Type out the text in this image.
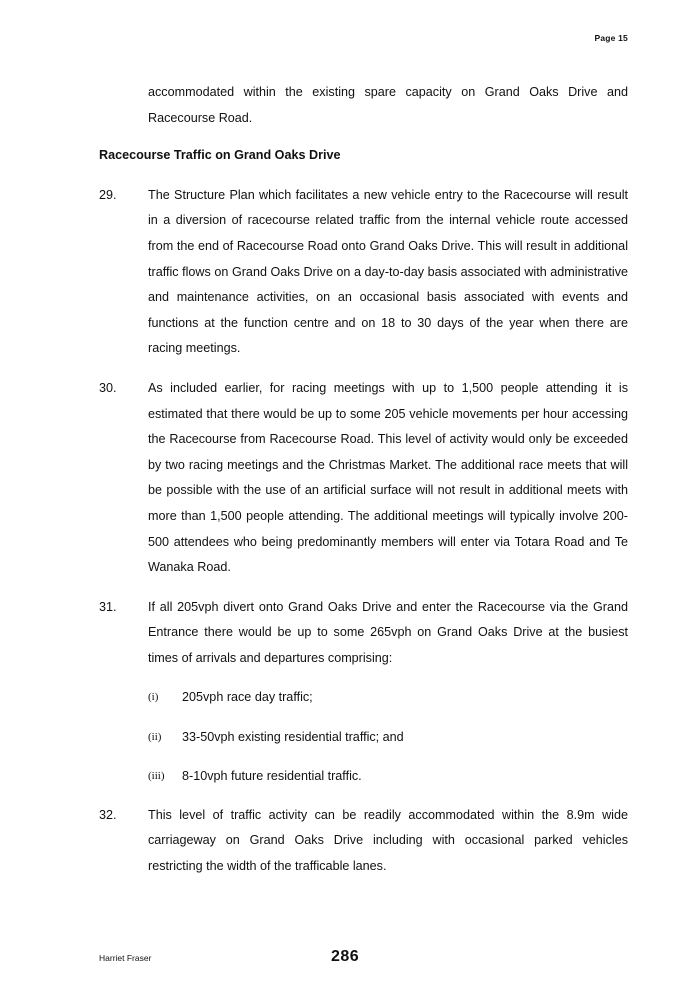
Page 15
accommodated within the existing spare capacity on Grand Oaks Drive and Racecourse Road.
Racecourse Traffic on Grand Oaks Drive
29.	The Structure Plan which facilitates a new vehicle entry to the Racecourse will result in a diversion of racecourse related traffic from the internal vehicle route accessed from the end of Racecourse Road onto Grand Oaks Drive. This will result in additional traffic flows on Grand Oaks Drive on a day-to-day basis associated with administrative and maintenance activities, on an occasional basis associated with events and functions at the function centre and on 18 to 30 days of the year when there are racing meetings.
30.	As included earlier, for racing meetings with up to 1,500 people attending it is estimated that there would be up to some 205 vehicle movements per hour accessing the Racecourse from Racecourse Road. This level of activity would only be exceeded by two racing meetings and the Christmas Market. The additional race meets that will be possible with the use of an artificial surface will not result in additional meets with more than 1,500 people attending. The additional meetings will typically involve 200-500 attendees who being predominantly members will enter via Totara Road and Te Wanaka Road.
31.	If all 205vph divert onto Grand Oaks Drive and enter the Racecourse via the Grand Entrance there would be up to some 265vph on Grand Oaks Drive at the busiest times of arrivals and departures comprising:
(i)	205vph race day traffic;
(ii)	33-50vph existing residential traffic; and
(iii)	8-10vph future residential traffic.
32.	This level of traffic activity can be readily accommodated within the 8.9m wide carriageway on Grand Oaks Drive including with occasional parked vehicles restricting the width of the trafficable lanes.
Harriet Fraser	286
